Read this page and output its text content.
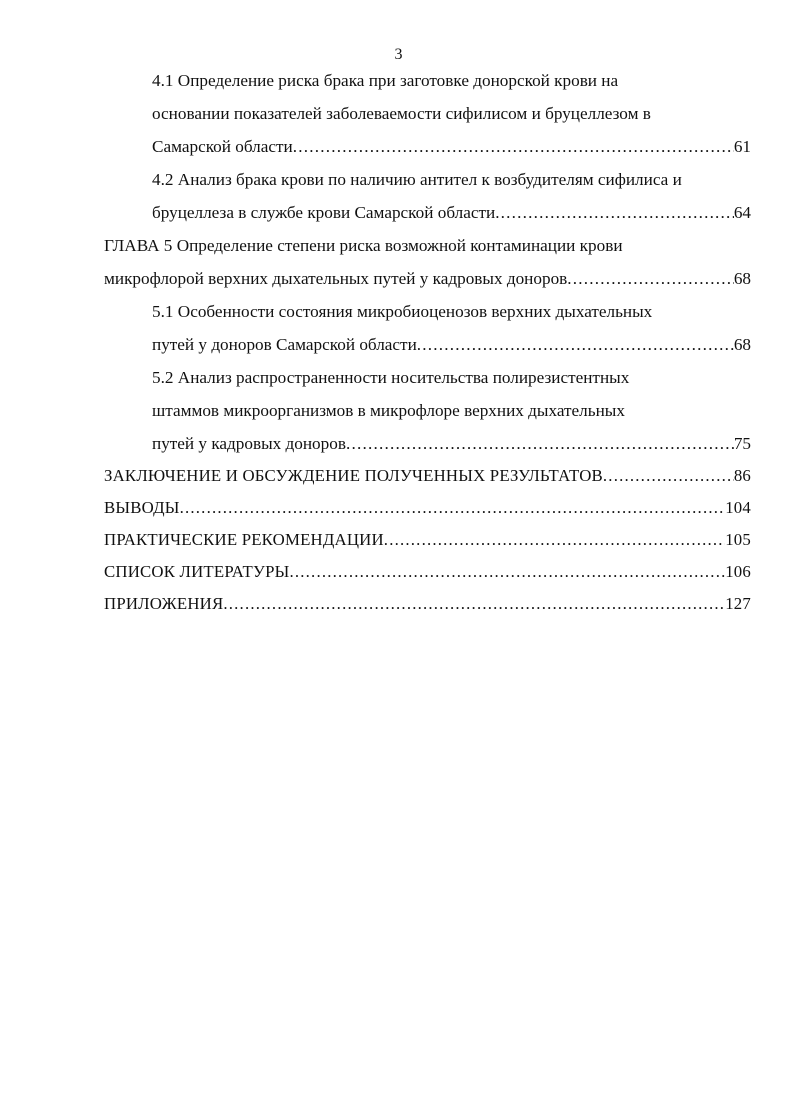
3
4.1 Определение риска брака при заготовке донорской крови на
основании показателей заболеваемости сифилисом и бруцеллезом в
Самарской области .....	61
4.2 Анализ брака крови по наличию антител к возбудителям сифилиса и
бруцеллеза в службе крови Самарской области .....	64
ГЛАВА 5 Определение степени риска возможной контаминации крови
микрофлорой верхних дыхательных путей у кадровых доноров .....	68
5.1 Особенности состояния микробиоценозов верхних дыхательных
путей у доноров Самарской области .....	68
5.2 Анализ распространенности носительства полирезистентных
штаммов микроорганизмов в микрофлоре верхних дыхательных
путей у кадровых доноров .....	75
ЗАКЛЮЧЕНИЕ И ОБСУЖДЕНИЕ ПОЛУЧЕННЫХ РЕЗУЛЬТАТОВ .....	86
ВЫВОДЫ .....	104
ПРАКТИЧЕСКИЕ РЕКОМЕНДАЦИИ .....	105
СПИСОК ЛИТЕРАТУРЫ .....	106
ПРИЛОЖЕНИЯ .....	127
